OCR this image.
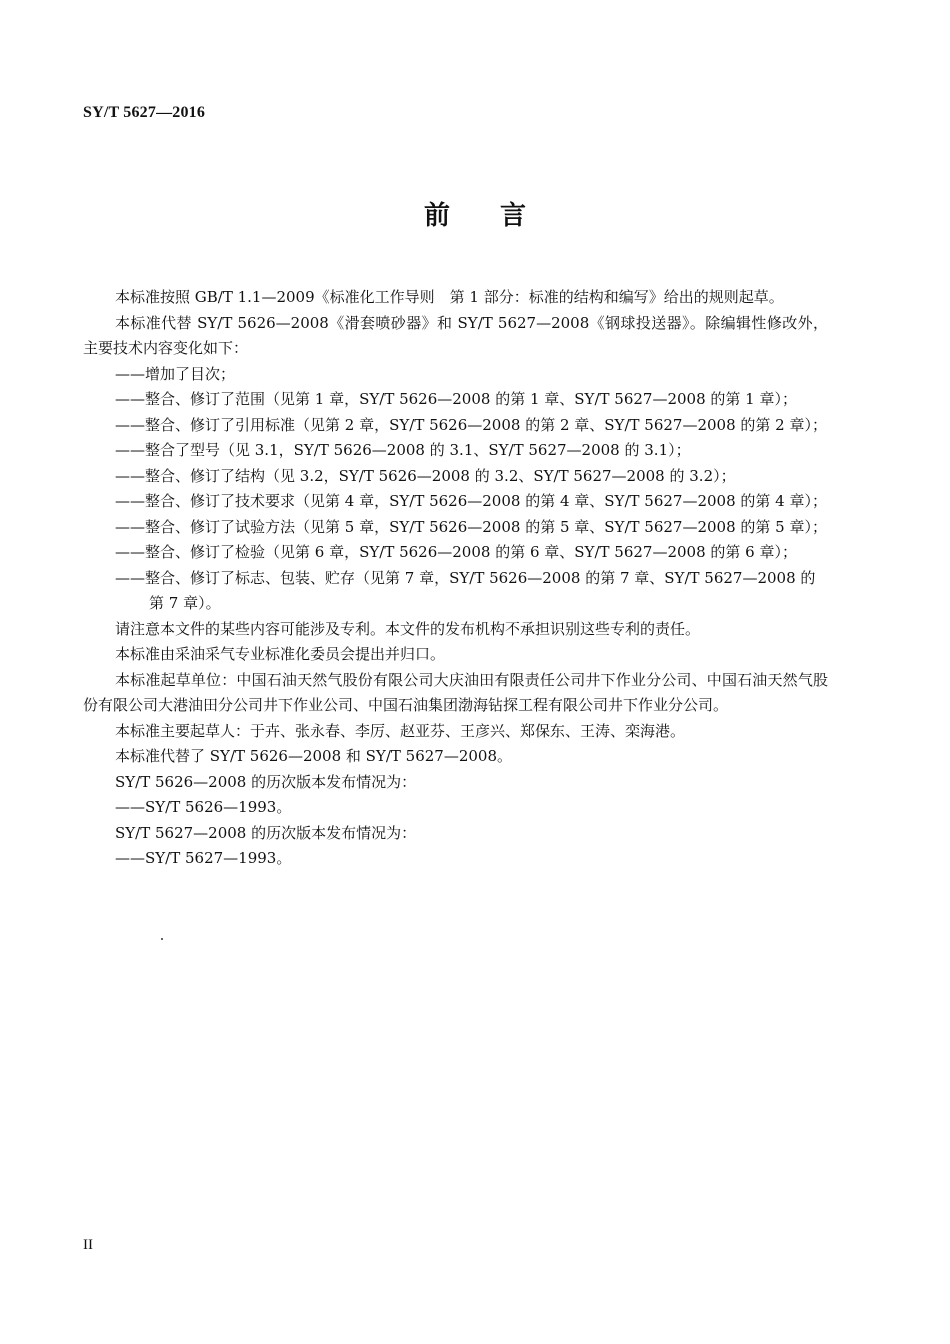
SY/T 5627—2016
前言

本标准按照 GB/T 1.1—2009《标准化工作导则　第 1 部分：标准的结构和编写》给出的规则起草。

本标准代替 SY/T 5626—2008《滑套喷砂器》和 SY/T 5627—2008《钢球投送器》。除编辑性修改外，主要技术内容变化如下：

——增加了目次；

——整合、修订了范围（见第 1 章，SY/T 5626—2008 的第 1 章、SY/T 5627—2008 的第 1 章）；

——整合、修订了引用标准（见第 2 章，SY/T 5626—2008 的第 2 章、SY/T 5627—2008 的第 2 章）；

——整合了型号（见 3.1，SY/T 5626—2008 的 3.1、SY/T 5627—2008 的 3.1）；

——整合、修订了结构（见 3.2，SY/T 5626—2008 的 3.2、SY/T 5627—2008 的 3.2）；

——整合、修订了技术要求（见第 4 章，SY/T 5626—2008 的第 4 章、SY/T 5627—2008 的第 4 章）；

——整合、修订了试验方法（见第 5 章，SY/T 5626—2008 的第 5 章、SY/T 5627—2008 的第 5 章）；

——整合、修订了检验（见第 6 章，SY/T 5626—2008 的第 6 章、SY/T 5627—2008 的第 6 章）；

——整合、修订了标志、包装、贮存（见第 7 章，SY/T 5626—2008 的第 7 章、SY/T 5627—2008 的第 7 章）。

请注意本文件的某些内容可能涉及专利。本文件的发布机构不承担识别这些专利的责任。

本标准由采油采气专业标准化委员会提出并归口。

本标准起草单位：中国石油天然气股份有限公司大庆油田有限责任公司井下作业分公司、中国石油天然气股份有限公司大港油田分公司井下作业公司、中国石油集团渤海钻探工程有限公司井下作业分公司。

本标准主要起草人：于卉、张永春、李厉、赵亚芬、王彦兴、郑保东、王涛、栾海港。

本标准代替了 SY/T 5626—2008 和 SY/T 5627—2008。

SY/T 5626—2008 的历次版本发布情况为：

——SY/T 5626—1993。

SY/T 5627—2008 的历次版本发布情况为：

——SY/T 5627—1993。

II
